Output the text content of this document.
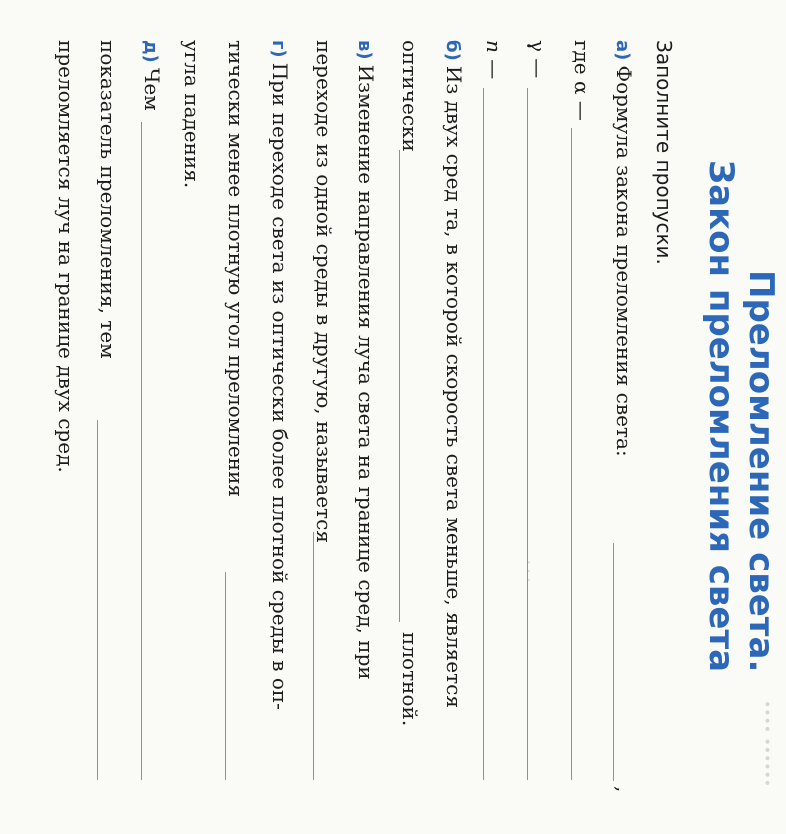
•••• ••••••
· · ·	Преломление света.
Закон преломления света
Заполните пропуски.
а) Формула закона преломления света:
,
где α —
γ —
n —
б) Из двух сред та, в которой скорость света меньше, является
оптически
плотной.
в) Изменение направления луча света на границе сред, при
переходе из одной среды в другую, называется
г) При переходе света из оптически более плотной среды в оп-
тически менее плотную угол преломления
угла падения.
д) Чем
показатель преломления, тем
преломляется луч на границе двух сред.
